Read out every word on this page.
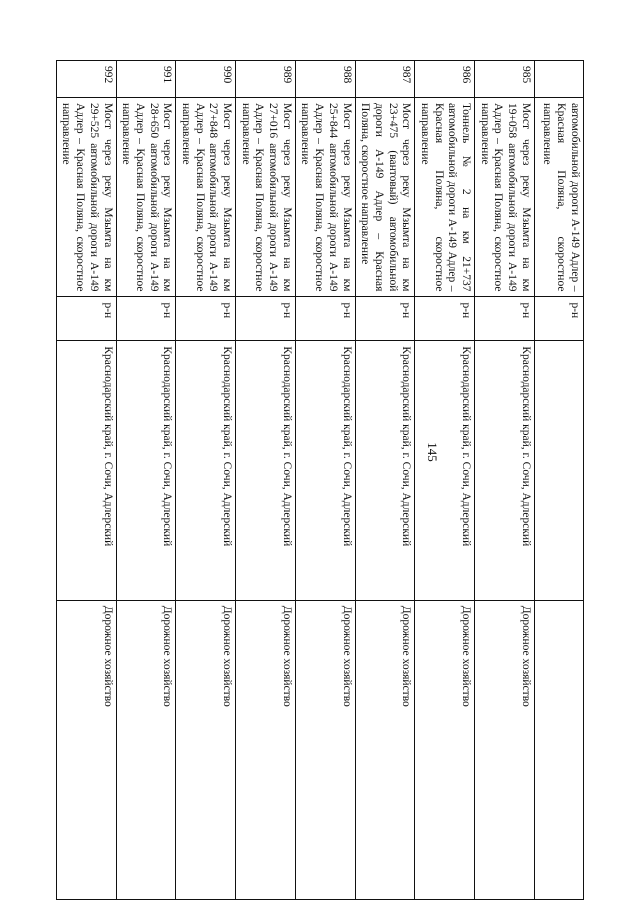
145
автомобильной дороги А-149 Адлер – Красная Поляна, скоростное направление
р-н
985
Мост через реку Мзымта на км 19+058 автомобильной дороги А-149 Адлер – Красная Поляна, скоростное направление
р-н
Краснодарский край, г. Сочи, Адлерский
Дорожное хозяйство
986
Тоннель № 2 на км 21+737 автомобильной дороги А-149 Адлер – Красная Поляна, скоростное направление
р-н
Краснодарский край, г. Сочи, Адлерский
Дорожное хозяйство
987
Мост через реку Мзымта на км 23+475 (вантовый) автомобильной дороги А-149 Адлер – Красная Поляна, скоростное направление
р-н
Краснодарский край, г. Сочи, Адлерский
Дорожное хозяйство
988
Мост через реку Мзымта на км 25+844 автомобильной дороги А-149 Адлер – Красная Поляна, скоростное направление
р-н
Краснодарский край, г. Сочи, Адлерский
Дорожное хозяйство
989
Мост через реку Мзымта на км 27+016 автомобильной дороги А-149 Адлер – Красная Поляна, скоростное направление
р-н
Краснодарский край, г. Сочи, Адлерский
Дорожное хозяйство
990
Мост через реку Мзымта на км 27+848 автомобильной дороги А-149 Адлер – Красная Поляна, скоростное направление
р-н
Краснодарский край, г. Сочи, Адлерский
Дорожное хозяйство
991
Мост через реку Мзымта на км 28+650 автомобильной дороги А-149 Адлер – Красная Поляна, скоростное направление
р-н
Краснодарский край, г. Сочи, Адлерский
Дорожное хозяйство
992
Мост через реку Мзымта на км 29+525 автомобильной дороги А-149 Адлер – Красная Поляна, скоростное направление
р-н
Краснодарский край, г. Сочи, Адлерский
Дорожное хозяйство
